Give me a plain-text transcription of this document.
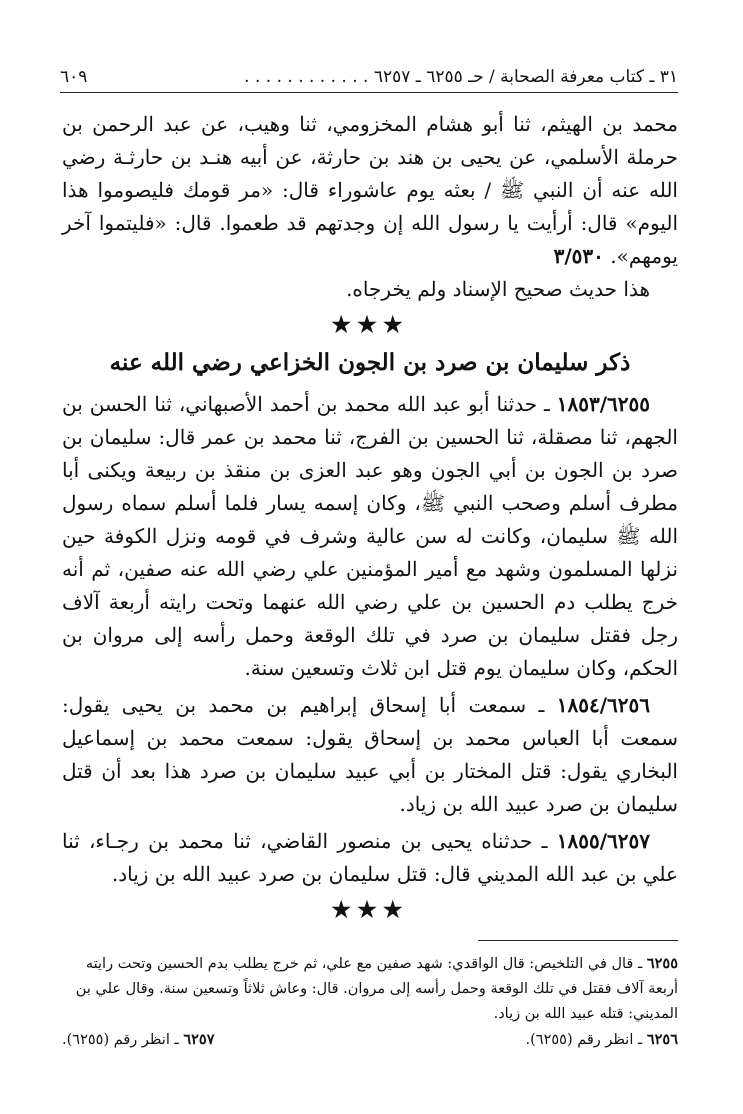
٣١ ـ كتاب معرفة الصحابة / حـ ٦٢٥٥ ـ ٦٢٥٧ . . .
٦٠٩

محمد بن الهيثم، ثنا أبو هشام المخزومي، ثنا وهيب، عن عبد الرحمن بن حرملة الأسلمي، عن يحيى بن هند بن حارثة، عن أبيه هنـد بن حارثـة رضي الله عنه أن النبي ﷺ / بعثه يوم عاشوراء قال: «مر قومك فليصوموا هذا اليوم» قال: أرأيت يا رسول الله إن وجدتهم قد طعموا. قال: «فليتموا آخر يومهم». ٣/٥٣٠

هذا حديث صحيح الإسناد ولم يخرجاه.

★★★
ذكر سليمان بن صرد بن الجون الخزاعي رضي الله عنه

١٨٥٣/٦٢٥٥ ـ حدثنا أبو عبد الله محمد بن أحمد الأصبهاني، ثنا الحسن بن الجهم، ثنا مصقلة، ثنا الحسين بن الفرج، ثنا محمد بن عمر قال: سليمان بن صرد بن الجون بن أبي الجون وهو عبد العزى بن منقذ بن ربيعة ويكنى أبا مطرف أسلم وصحب النبي ﷺ، وكان إسمه يسار فلما أسلم سماه رسول الله ﷺ سليمان، وكانت له سن عالية وشرف في قومه ونزل الكوفة حين نزلها المسلمون وشهد مع أمير المؤمنين علي رضي الله عنه صفين، ثم أنه خرج يطلب دم الحسين بن علي رضي الله عنهما وتحت رايته أربعة آلاف رجل فقتل سليمان بن صرد في تلك الوقعة وحمل رأسه إلى مروان بن الحكم، وكان سليمان يوم قتل ابن ثلاث وتسعين سنة.

١٨٥٤/٦٢٥٦ ـ سمعت أبا إسحاق إبراهيم بن محمد بن يحيى يقول: سمعت أبا العباس محمد بن إسحاق يقول: سمعت محمد بن إسماعيل البخاري يقول: قتل المختار بن أبي عبيد سليمان بن صرد هذا بعد أن قتل سليمان بن صرد عبيد الله بن زياد.

١٨٥٥/٦٢٥٧ ـ حدثناه يحيى بن منصور القاضي، ثنا محمد بن رجـاء، ثنا علي بن عبد الله المديني قال: قتل سليمان بن صرد عبيد الله بن زياد.

★★★
٦٢٥٥ ـ قال في التلخيص: قال الواقدي: شهد صفين مع علي، ثم خرج يطلب بدم الحسين وتحت رايته أربعة آلاف فقتل في تلك الوقعة وحمل رأسه إلى مروان. قال: وعاش ثلاثاً وتسعين سنة. وقال علي بن المديني: قتله عبيد الله بن زياد.
٦٢٥٦ ـ انظر رقم (٦٢٥٥).
٦٢٥٧ ـ انظر رقم (٦٢٥٥).
